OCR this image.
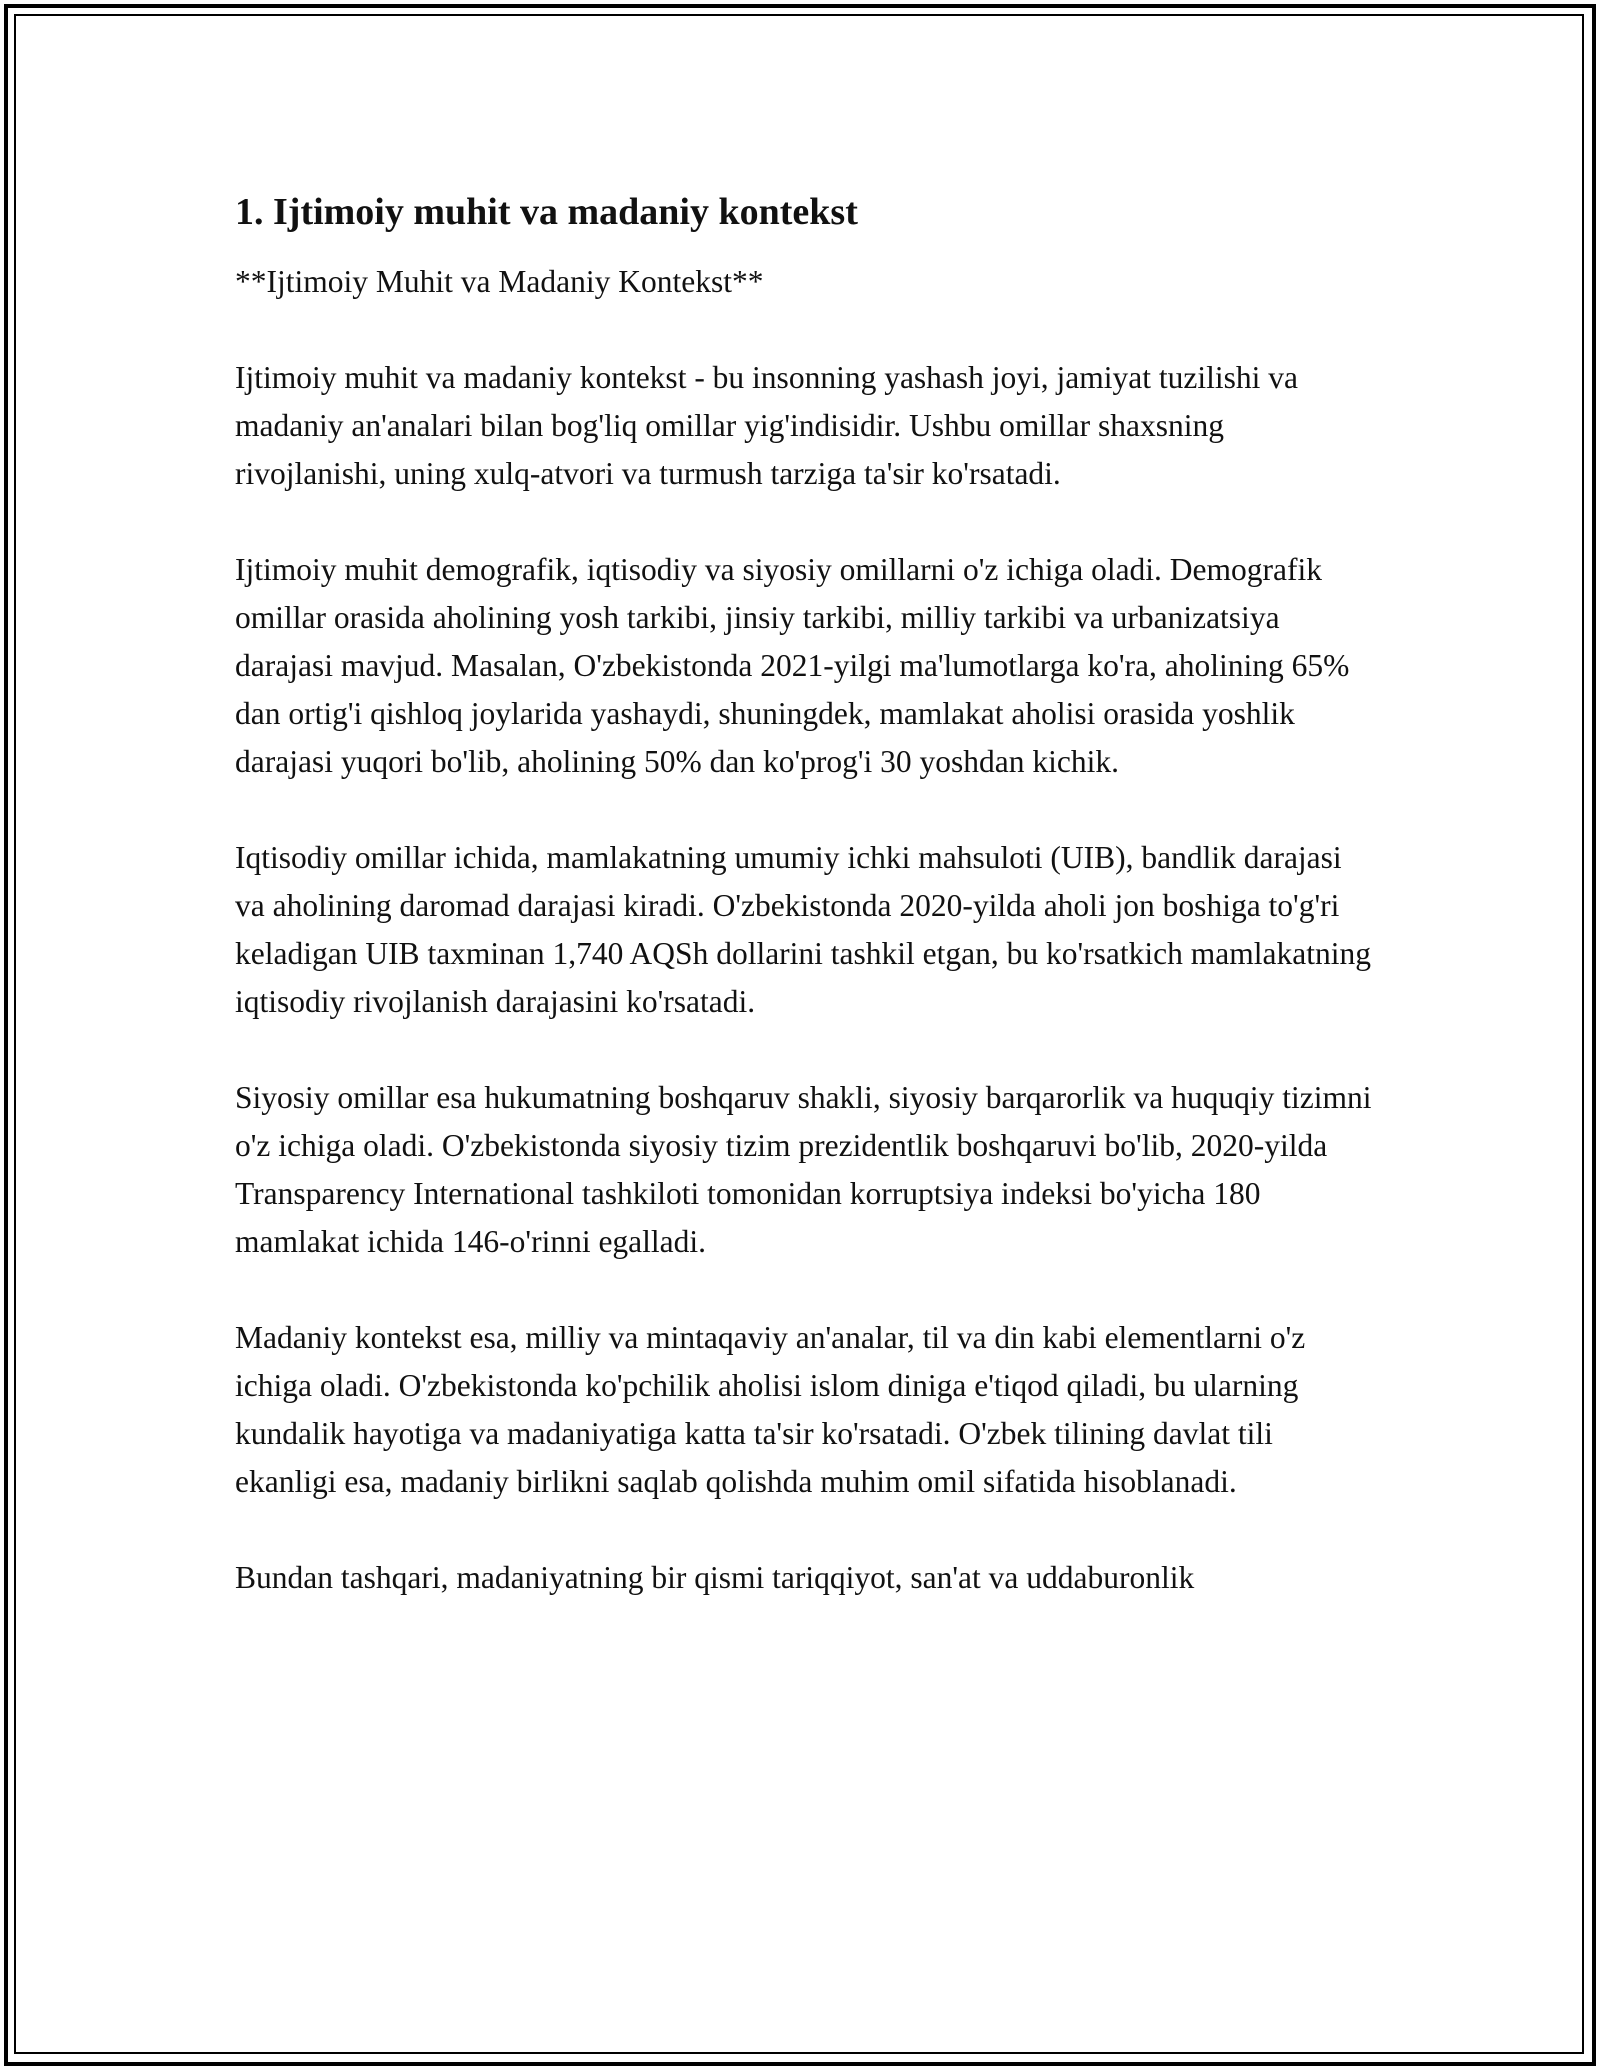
1. Ijtimoiy muhit va madaniy kontekst

**Ijtimoiy Muhit va Madaniy Kontekst**

Ijtimoiy muhit va madaniy kontekst - bu insonning yashash joyi, jamiyat tuzilishi va madaniy an'analari bilan bog'liq omillar yig'indisidir. Ushbu omillar shaxsning rivojlanishi, uning xulq-atvori va turmush tarziga ta'sir ko'rsatadi.

Ijtimoiy muhit demografik, iqtisodiy va siyosiy omillarni o'z ichiga oladi. Demografik omillar orasida aholining yosh tarkibi, jinsiy tarkibi, milliy tarkibi va urbanizatsiya darajasi mavjud. Masalan, O'zbekistonda 2021-yilgi ma'lumotlarga ko'ra, aholining 65% dan ortig'i qishloq joylarida yashaydi, shuningdek, mamlakat aholisi orasida yoshlik darajasi yuqori bo'lib, aholining 50% dan ko'prog'i 30 yoshdan kichik.

Iqtisodiy omillar ichida, mamlakatning umumiy ichki mahsuloti (UIB), bandlik darajasi va aholining daromad darajasi kiradi. O'zbekistonda 2020-yilda aholi jon boshiga to'g'ri keladigan UIB taxminan 1,740 AQSh dollarini tashkil etgan, bu ko'rsatkich mamlakatning iqtisodiy rivojlanish darajasini ko'rsatadi.

Siyosiy omillar esa hukumatning boshqaruv shakli, siyosiy barqarorlik va huquqiy tizimni o'z ichiga oladi. O'zbekistonda siyosiy tizim prezidentlik boshqaruvi bo'lib, 2020-yilda Transparency International tashkiloti tomonidan korruptsiya indeksi bo'yicha 180 mamlakat ichida 146-o'rinni egalladi.

Madaniy kontekst esa, milliy va mintaqaviy an'analar, til va din kabi elementlarni o'z ichiga oladi. O'zbekistonda ko'pchilik aholisi islom diniga e'tiqod qiladi, bu ularning kundalik hayotiga va madaniyatiga katta ta'sir ko'rsatadi. O'zbek tilining davlat tili ekanligi esa, madaniy birlikni saqlab qolishda muhim omil sifatida hisoblanadi.

Bundan tashqari, madaniyatning bir qismi tariqqiyot, san'at va uddaburonlik
